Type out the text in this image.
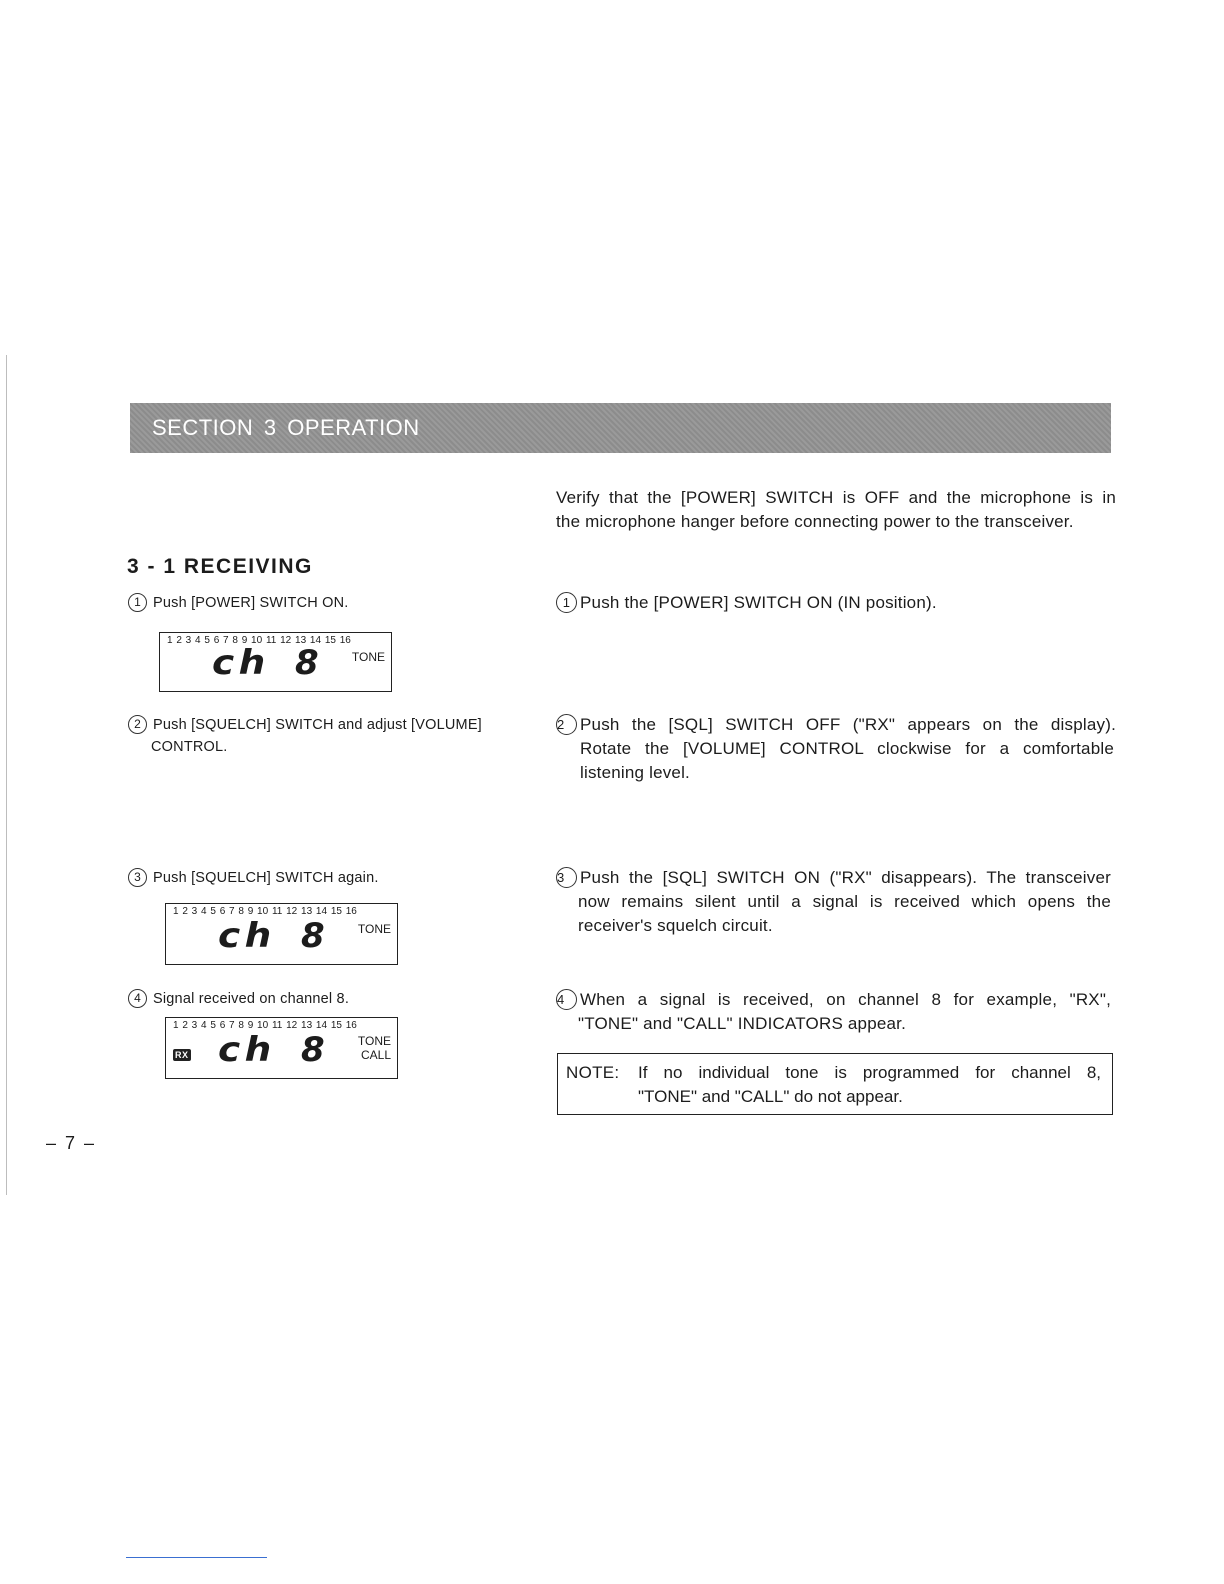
SECTION 3 OPERATION
Verify that the [POWER] SWITCH is OFF and the microphone is in
the microphone hanger before connecting power to the transceiver.
3 - 1 RECEIVING
1 Push [POWER] SWITCH ON.
1 2 3 4 5 6 7 8 9 10 11 12 13 14 15 16
ch 8	TONE
2 Push [SQUELCH] SWITCH and adjust [VOLUME]
CONTROL.
3 Push [SQUELCH] SWITCH again.
1 2 3 4 5 6 7 8 9 10 11 12 13 14 15 16
ch 8	TONE
4 Signal received on channel 8.
1 2 3 4 5 6 7 8 9 10 11 12 13 14 15 16
RX ch 8	TONE
CALL
1 Push the [POWER] SWITCH ON (IN position).
2 Push the [SQL] SWITCH OFF ("RX" appears on the display).
Rotate the [VOLUME] CONTROL clockwise for a comfortable
listening level.
3 Push the [SQL] SWITCH ON ("RX" disappears). The transceiver
now remains silent until a signal is received which opens the
receiver's squelch circuit.
4 When a signal is received, on channel 8 for example, "RX",
"TONE" and "CALL" INDICATORS appear.
NOTE: If no individual tone is programmed for channel 8,
"TONE" and "CALL" do not appear.
– 7 –
